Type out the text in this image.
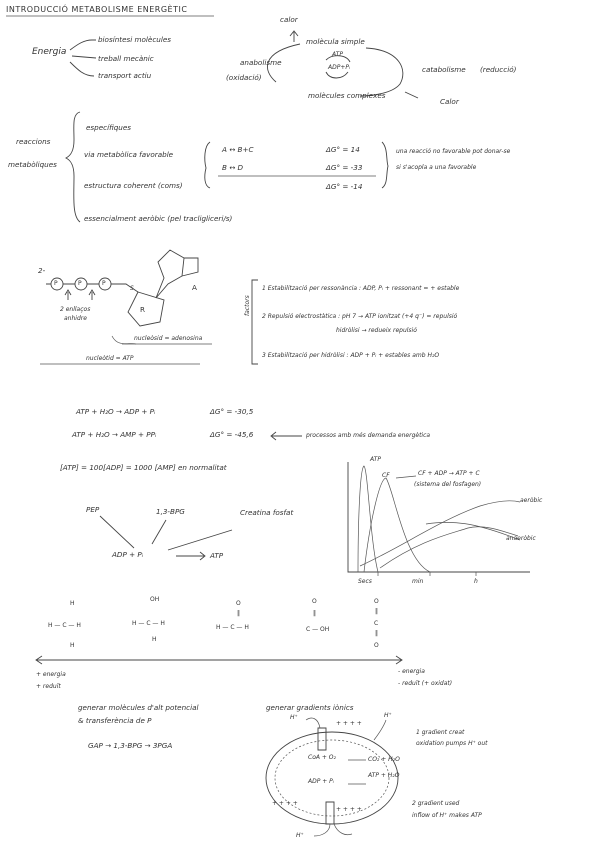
INTRODUCCIÓ METABOLISME ENERGÈTIC
Energia
biosíntesi molècules
treball mecànic
transport actiu
calor
molècula simple
ATP
ADP+Pᵢ
anabolisme
(oxidació)
catabolisme (reducció)
molècules complexes
Calor
reaccions
metabòliques
específiques
via metabòlica favorable
estructura coherent (coms)
essencialment aeròbic (pel tracligliceri/s)
A ↔ B+C	ΔG° = 14
B ↔ D	ΔG° = -33
ΔG° = -14
una reacció no favorable pot donar-se
si s'acopla a una favorable
2-
P	P	P
2 enllaços
anhidre
S
R
A
nucleòsid = adenosina
nucleòtid = ATP
factors
1 Estabilització per ressonància : ADP, Pᵢ + ressonant = + estable
2 Repulsió electrostàtica : pH 7 → ATP ionitzat (+4 q⁻) = repulsió
hidròlisi → redueix repulsió
3 Estabilització per hidròlisi : ADP + Pᵢ + estables amb H₂O
ATP + H₂O → ADP + Pᵢ	ΔG° = -30,5
ATP + H₂O → AMP + PPᵢ	ΔG° = -45,6	processos amb més demanda energètica
[ATP] = 100[ADP] = 1000 [AMP] en normalitat
PEP	1,3-BPG	Creatina fosfat
ADP + Pᵢ	ATP
ATP
CF	CF + ADP → ATP + C
(sistema del fosfagen)
aeròbic
anaeròbic
Secs	min	h
H
H — C — H
H
OH
H — C — H
H
O
‖
H — C — H
O
‖
C — OH
O
‖
C
‖
O
+ energia
+ reduït
- energia
- reduït (+ oxidat)
generar molècules d'alt potencial
& transferència de P
GAP → 1,3-BPG → 3PGA
generar gradients iònics
H⁺
+ + + +
H⁺
CoA + O₂	CO₂ + H₂O
ADP + Pᵢ
ATP + H₂O
+ + + +
+ + + +
H⁺
1 gradient creat
oxidation pumps H⁺ out
2 gradient used
inflow of H⁺ makes ATP
